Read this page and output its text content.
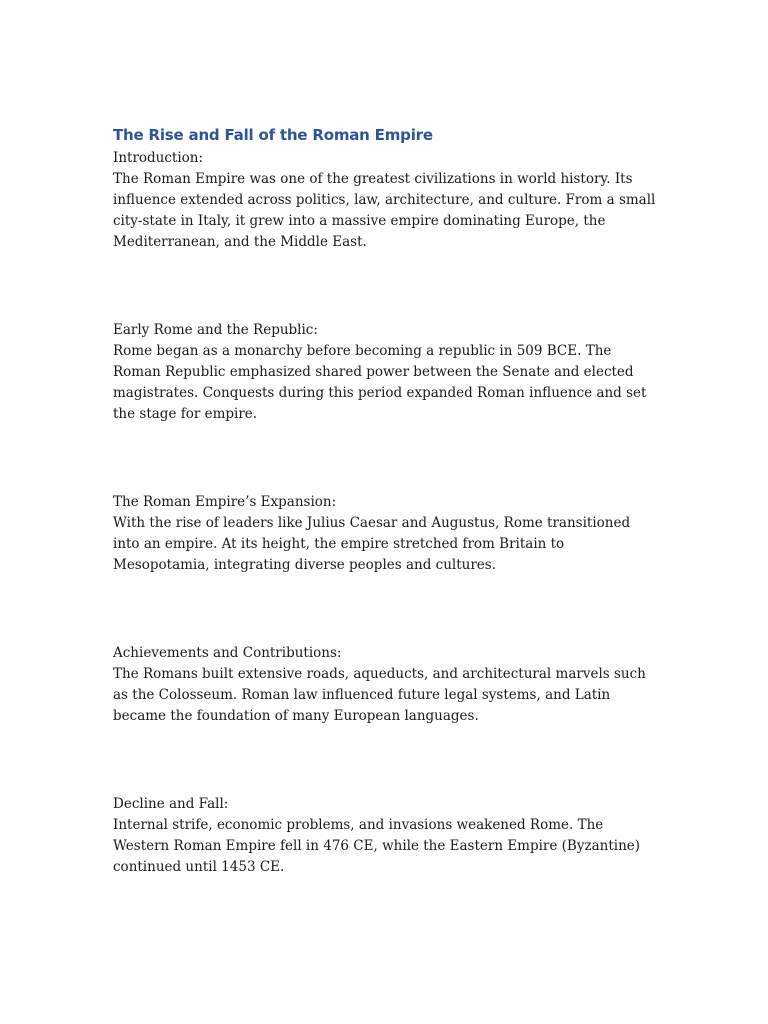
The Rise and Fall of the Roman Empire
Introduction:

The Roman Empire was one of the greatest civilizations in world history. Its influence extended across politics, law, architecture, and culture. From a small city-state in Italy, it grew into a massive empire dominating Europe, the Mediterranean, and the Middle East.

Early Rome and the Republic:

Rome began as a monarchy before becoming a republic in 509 BCE. The Roman Republic emphasized shared power between the Senate and elected magistrates. Conquests during this period expanded Roman influence and set the stage for empire.

The Roman Empire’s Expansion:

With the rise of leaders like Julius Caesar and Augustus, Rome transitioned into an empire. At its height, the empire stretched from Britain to Mesopotamia, integrating diverse peoples and cultures.

Achievements and Contributions:

The Romans built extensive roads, aqueducts, and architectural marvels such as the Colosseum. Roman law influenced future legal systems, and Latin became the foundation of many European languages.

Decline and Fall:

Internal strife, economic problems, and invasions weakened Rome. The Western Roman Empire fell in 476 CE, while the Eastern Empire (Byzantine) continued until 1453 CE.
